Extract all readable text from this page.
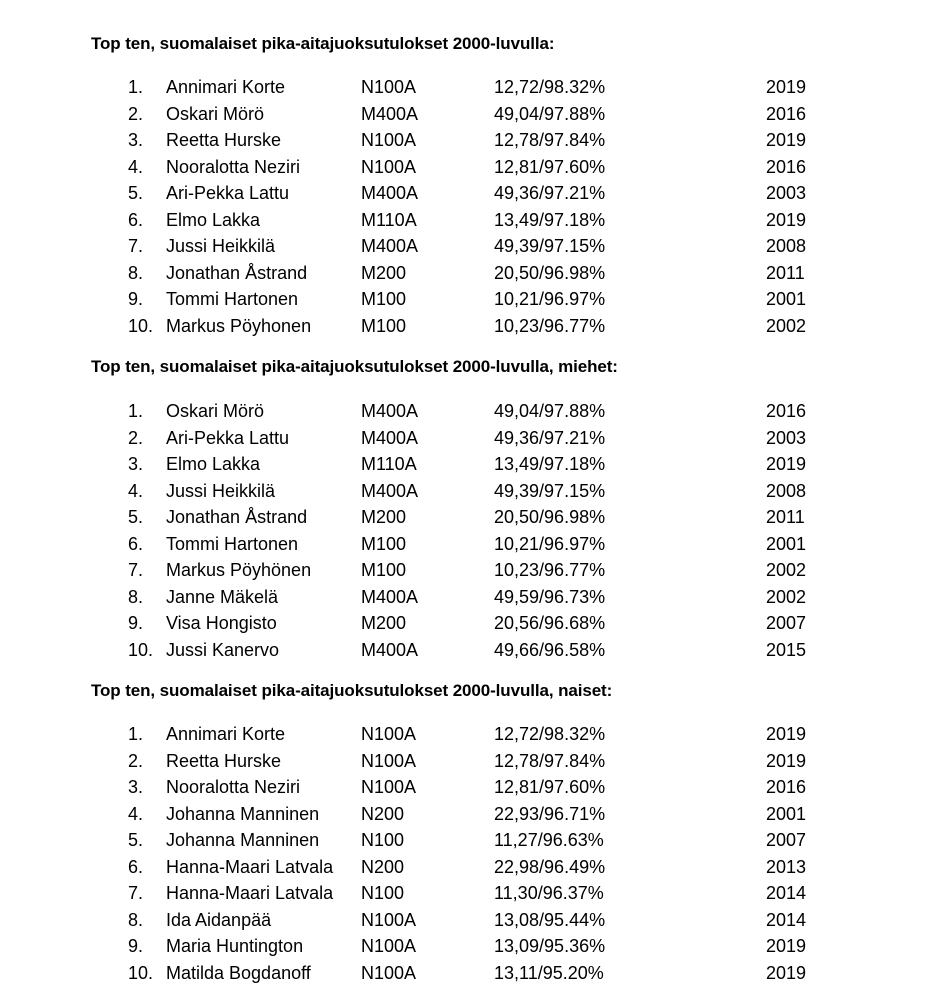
Top ten, suomalaiset pika-aitajuoksutulokset 2000-luvulla:
1. Annimari Korte	N100A	12,72/98.32%	2019
2. Oskari Mörö	M400A	49,04/97.88%	2016
3. Reetta Hurske	N100A	12,78/97.84%	2019
4. Nooralotta Neziri	N100A	12,81/97.60%	2016
5. Ari-Pekka Lattu	M400A	49,36/97.21%	2003
6. Elmo Lakka	M110A	13,49/97.18%	2019
7. Jussi Heikkilä	M400A	49,39/97.15%	2008
8. Jonathan Åstrand	M200	20,50/96.98%	2011
9. Tommi Hartonen	M100	10,21/96.97%	2001
10. Markus Pöyhonen	M100	10,23/96.77%	2002
Top ten, suomalaiset pika-aitajuoksutulokset 2000-luvulla, miehet:
1. Oskari Mörö	M400A	49,04/97.88%	2016
2. Ari-Pekka Lattu	M400A	49,36/97.21%	2003
3. Elmo Lakka	M110A	13,49/97.18%	2019
4. Jussi Heikkilä	M400A	49,39/97.15%	2008
5. Jonathan Åstrand	M200	20,50/96.98%	2011
6. Tommi Hartonen	M100	10,21/96.97%	2001
7. Markus Pöyhönen	M100	10,23/96.77%	2002
8. Janne Mäkelä	M400A	49,59/96.73%	2002
9. Visa Hongisto	M200	20,56/96.68%	2007
10. Jussi Kanervo	M400A	49,66/96.58%	2015
Top ten, suomalaiset pika-aitajuoksutulokset 2000-luvulla, naiset:
1. Annimari Korte	N100A	12,72/98.32%	2019
2. Reetta Hurske	N100A	12,78/97.84%	2019
3. Nooralotta Neziri	N100A	12,81/97.60%	2016
4. Johanna Manninen N200	22,93/96.71%	2001
5. Johanna Manninen N100	11,27/96.63%	2007
6. Hanna-Maari Latvala N200	22,98/96.49%	2013
7. Hanna-Maari Latvala N100	11,30/96.37%	2014
8. Ida Aidanpää	N100A	13,08/95.44%	2014
9. Maria Huntington	N100A	13,09/95.36%	2019
10. Matilda Bogdanoff	N100A	13,11/95.20%	2019
